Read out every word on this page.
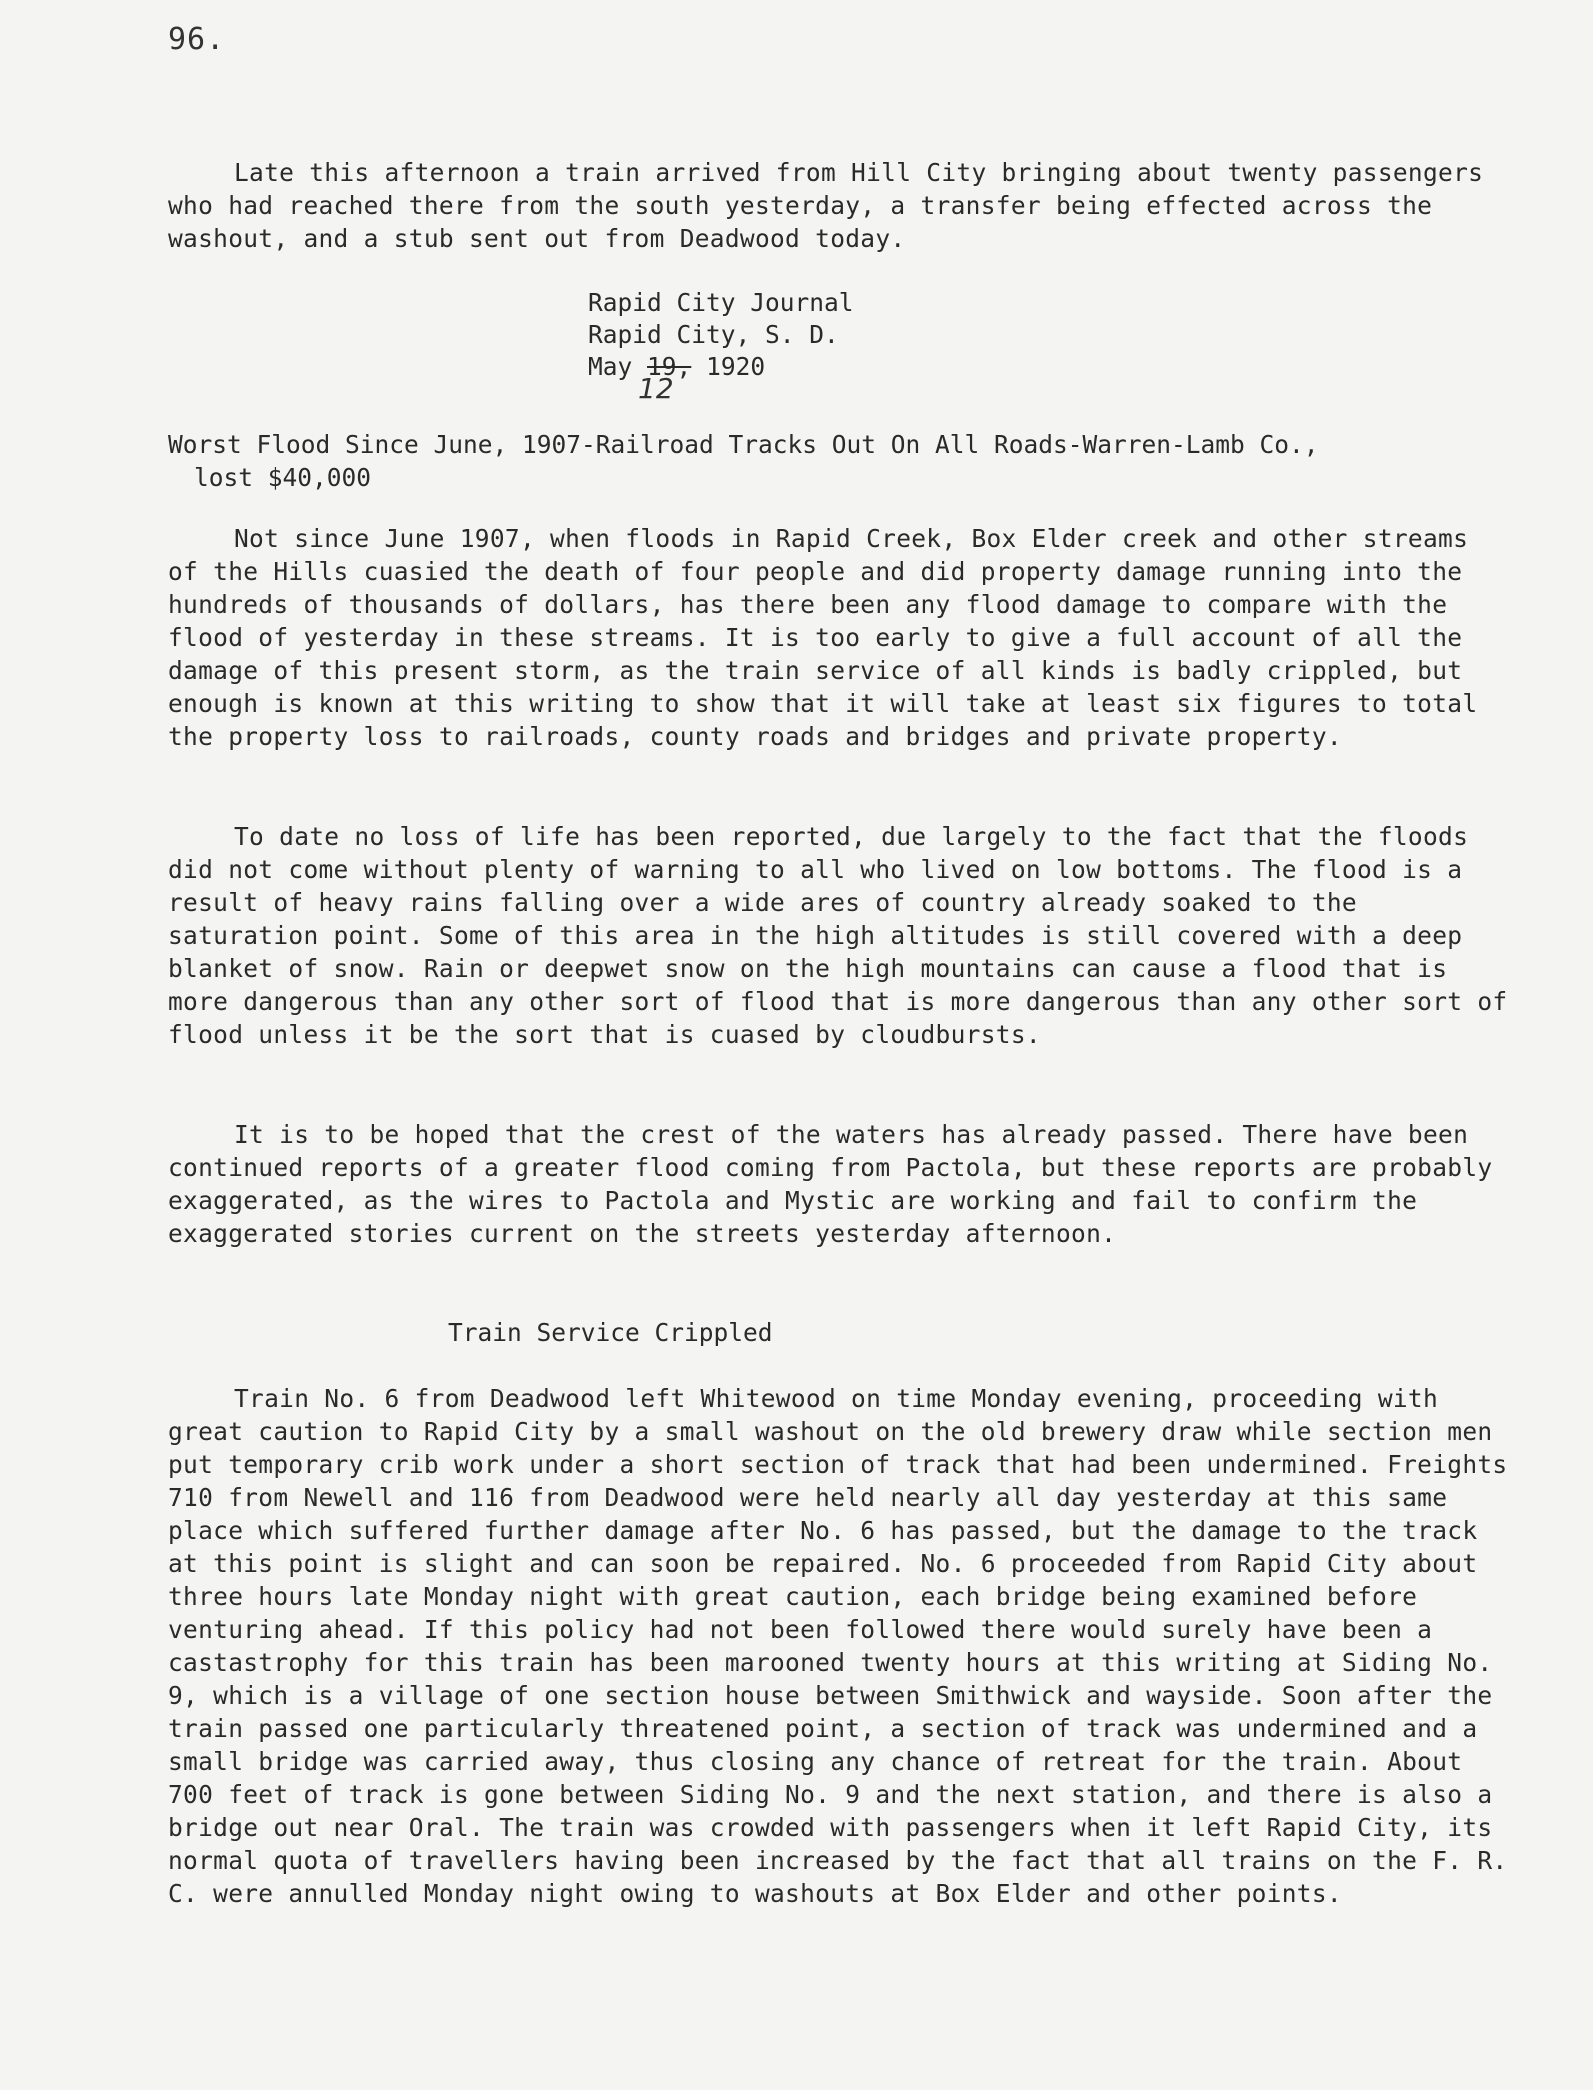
96.

Late this afternoon a train arrived from Hill City bringing about twenty passengers who had reached there from the south yesterday, a transfer being effected across the washout, and a stub sent out from Deadwood today.

Rapid City Journal
Rapid City, S. D.
May 19, 1920
12
Worst Flood Since June, 1907-Railroad Tracks Out On All Roads-Warren-Lamb Co.,
lost $40,000

Not since June 1907, when floods in Rapid Creek, Box Elder creek and other streams of the Hills cuasied the death of four people and did property damage running into the hundreds of thousands of dollars, has there been any flood damage to compare with the flood of yesterday in these streams. It is too early to give a full account of all the damage of this present storm, as the train service of all kinds is badly crippled, but enough is known at this writing to show that it will take at least six figures to total the property loss to railroads, county roads and bridges and private property.

To date no loss of life has been reported, due largely to the fact that the floods did not come without plenty of warning to all who lived on low bottoms. The flood is a result of heavy rains falling over a wide ares of country already soaked to the saturation point. Some of this area in the high altitudes is still covered with a deep blanket of snow. Rain or deepwet snow on the high mountains can cause a flood that is more dangerous than any other sort of flood that is more dangerous than any other sort of flood unless it be the sort that is cuased by cloudbursts.

It is to be hoped that the crest of the waters has already passed. There have been continued reports of a greater flood coming from Pactola, but these reports are probably exaggerated, as the wires to Pactola and Mystic are working and fail to confirm the exaggerated stories current on the streets yesterday afternoon.

Train Service Crippled

Train No. 6 from Deadwood left Whitewood on time Monday evening, proceeding with great caution to Rapid City by a small washout on the old brewery draw while section men put temporary crib work under a short section of track that had been undermined. Freights 710 from Newell and 116 from Deadwood were held nearly all day yesterday at this same place which suffered further damage after No. 6 has passed, but the damage to the track at this point is slight and can soon be repaired. No. 6 proceeded from Rapid City about three hours late Monday night with great caution, each bridge being examined before venturing ahead. If this policy had not been followed there would surely have been a castastrophy for this train has been marooned twenty hours at this writing at Siding No. 9, which is a village of one section house between Smithwick and wayside. Soon after the train passed one particularly threatened point, a section of track was undermined and a small bridge was carried away, thus closing any chance of retreat for the train. About 700 feet of track is gone between Siding No. 9 and the next station, and there is also a bridge out near Oral. The train was crowded with passengers when it left Rapid City, its normal quota of travellers having been increased by the fact that all trains on the F. R. C. were annulled Monday night owing to washouts at Box Elder and other points.
